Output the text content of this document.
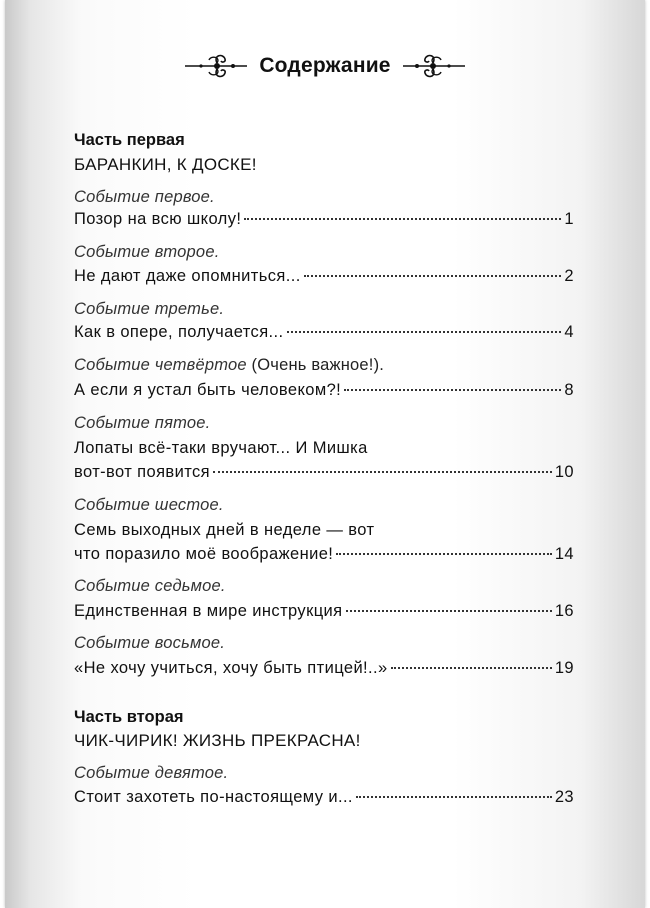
Содержание
Часть первая
БАРАНКИН, К ДОСКЕ!
Событие первое.
Позор на всю школу!	1
Событие второе.
Не дают даже опомниться...	2
Событие третье.
Как в опере, получается...	4
Событие четвёртое (Очень важное!).
А если я устал быть человеком?!	8
Событие пятое.
Лопаты всё-таки вручают... И Мишка
вот-вот появится	10
Событие шестое.
Семь выходных дней в неделе — вот
что поразило моё воображение!	14
Событие седьмое.
Единственная в мире инструкция	16
Событие восьмое.
«Не хочу учиться, хочу быть птицей!..»	19
Часть вторая
ЧИК-ЧИРИК! ЖИЗНЬ ПРЕКРАСНА!
Событие девятое.
Стоит захотеть по-настоящему и...	23
